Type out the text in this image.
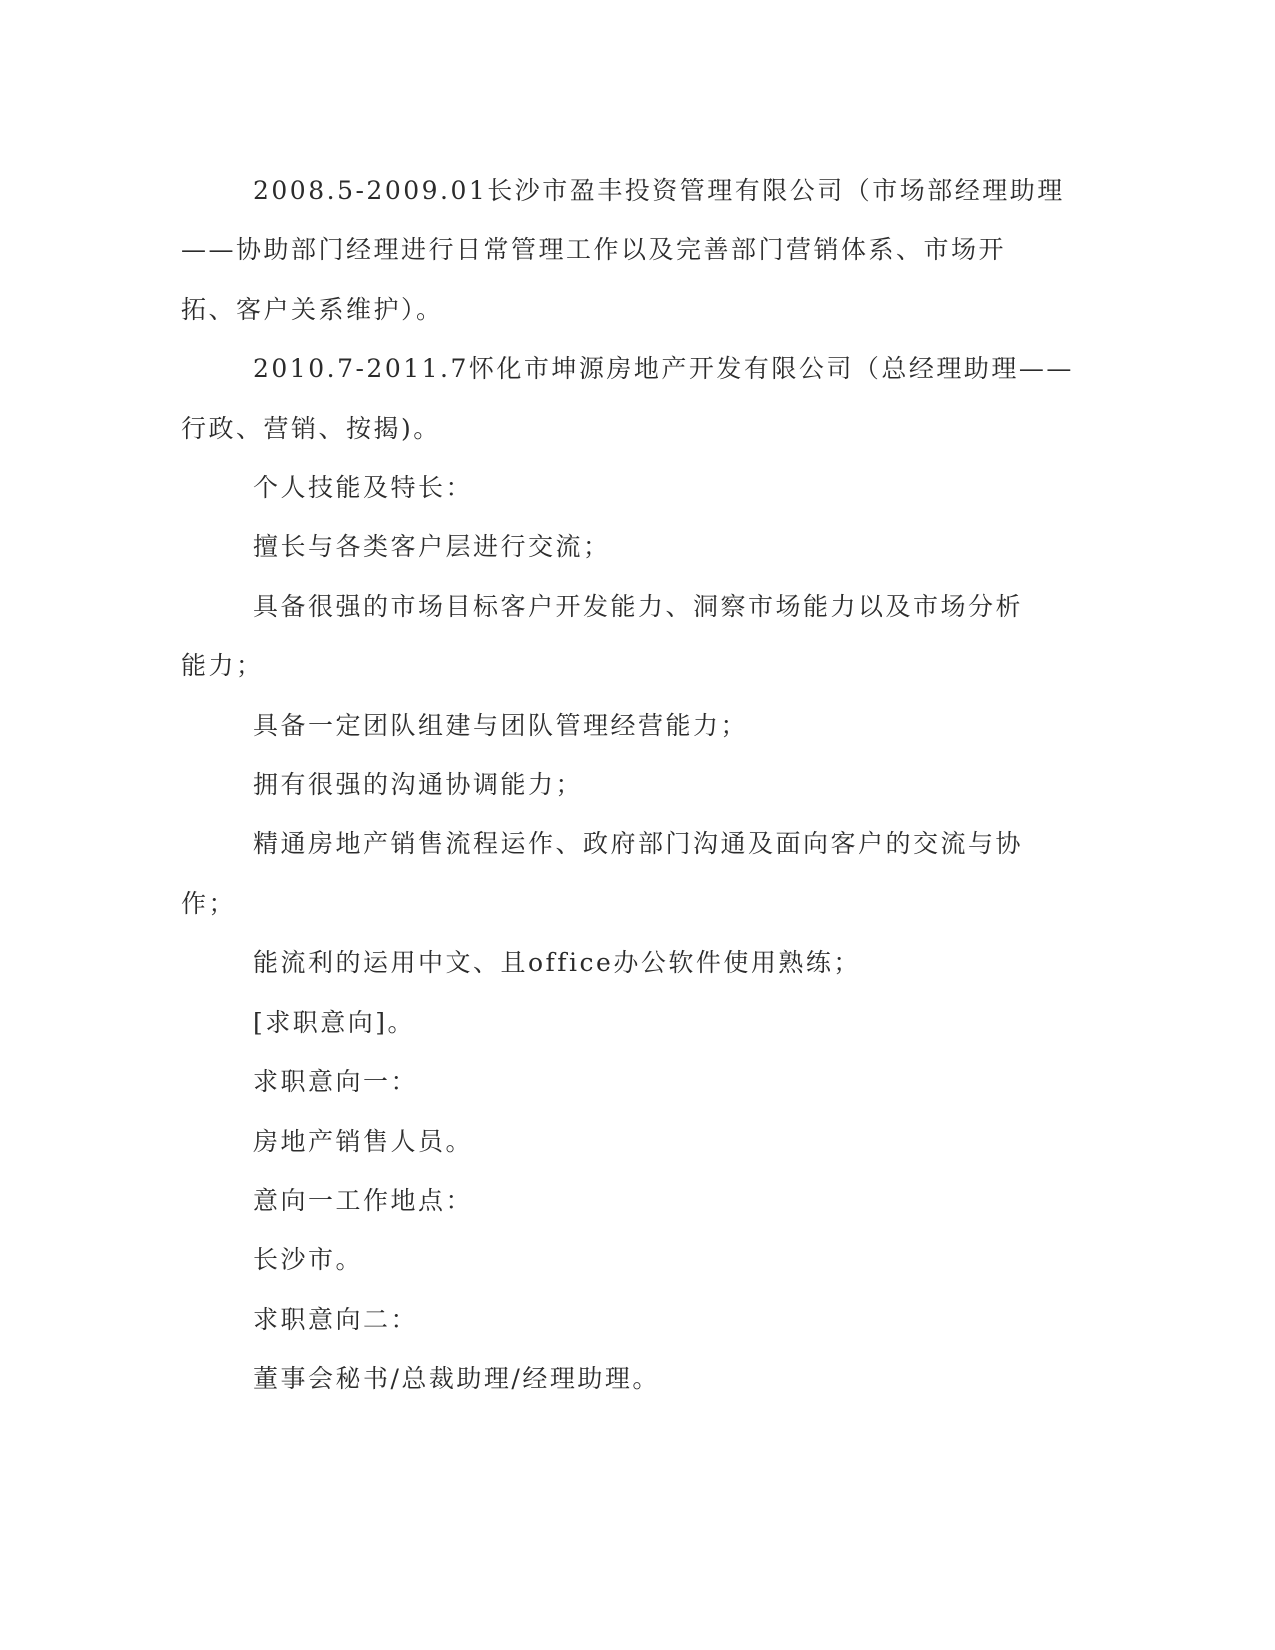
2008.5-2009.01长沙市盈丰投资管理有限公司（市场部经理助理
——协助部门经理进行日常管理工作以及完善部门营销体系、市场开
拓、客户关系维护）。

2010.7-2011.7怀化市坤源房地产开发有限公司（总经理助理——
行政、营销、按揭)。

个人技能及特长：

擅长与各类客户层进行交流；

具备很强的市场目标客户开发能力、洞察市场能力以及市场分析
能力；

具备一定团队组建与团队管理经营能力；

拥有很强的沟通协调能力；

精通房地产销售流程运作、政府部门沟通及面向客户的交流与协
作；

能流利的运用中文、且office办公软件使用熟练；

[求职意向]。

求职意向一：

房地产销售人员。

意向一工作地点：

长沙市。

求职意向二：

董事会秘书/总裁助理/经理助理。
